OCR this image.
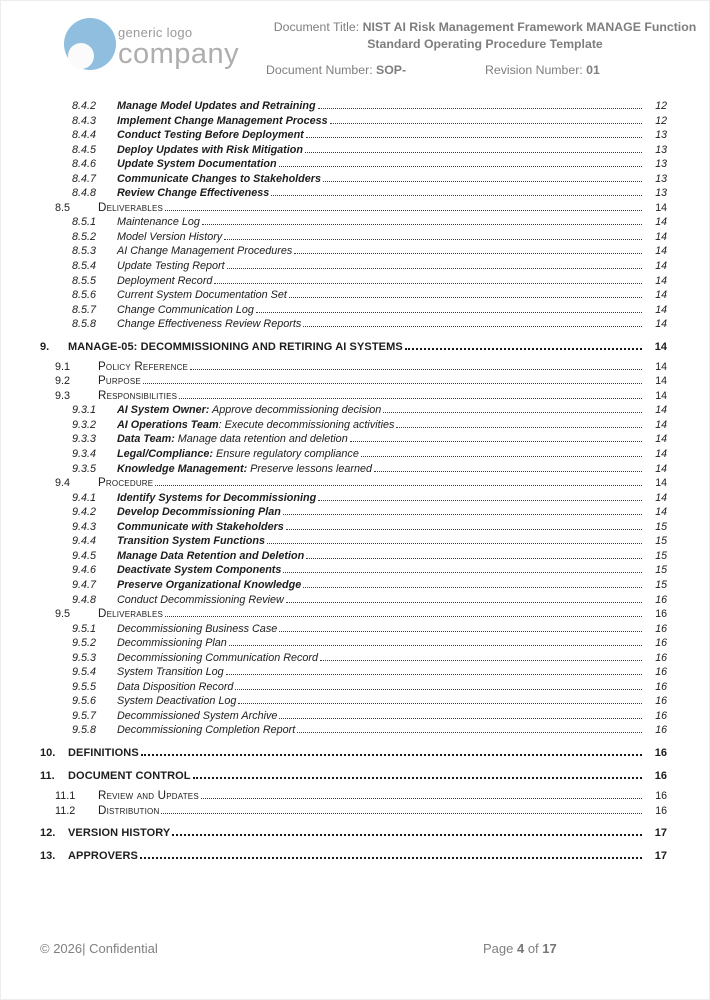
generic logo
company
Document Title: NIST AI Risk Management Framework MANAGE Function
Standard Operating Procedure Template
Document Number: SOP-	Revision Number: 01
8.4.2	Manage Model Updates and Retraining	12
8.4.3	Implement Change Management Process	12
8.4.4	Conduct Testing Before Deployment	13
8.4.5	Deploy Updates with Risk Mitigation	13
8.4.6	Update System Documentation	13
8.4.7	Communicate Changes to Stakeholders	13
8.4.8	Review Change Effectiveness	13
8.5	Deliverables	14
8.5.1	Maintenance Log	14
8.5.2	Model Version History	14
8.5.3	AI Change Management Procedures	14
8.5.4	Update Testing Report	14
8.5.5	Deployment Record	14
8.5.6	Current System Documentation Set	14
8.5.7	Change Communication Log	14
8.5.8	Change Effectiveness Review Reports	14
9.	MANAGE-05: DECOMMISSIONING AND RETIRING AI SYSTEMS	14
9.1	Policy Reference	14
9.2	Purpose	14
9.3	Responsibilities	14
9.3.1	AI System Owner: Approve decommissioning decision	14
9.3.2	AI Operations Team: Execute decommissioning activities	14
9.3.3	Data Team: Manage data retention and deletion	14
9.3.4	Legal/Compliance: Ensure regulatory compliance	14
9.3.5	Knowledge Management: Preserve lessons learned	14
9.4	Procedure	14
9.4.1	Identify Systems for Decommissioning	14
9.4.2	Develop Decommissioning Plan	14
9.4.3	Communicate with Stakeholders	15
9.4.4	Transition System Functions	15
9.4.5	Manage Data Retention and Deletion	15
9.4.6	Deactivate System Components	15
9.4.7	Preserve Organizational Knowledge	15
9.4.8	Conduct Decommissioning Review	16
9.5	Deliverables	16
9.5.1	Decommissioning Business Case	16
9.5.2	Decommissioning Plan	16
9.5.3	Decommissioning Communication Record	16
9.5.4	System Transition Log	16
9.5.5	Data Disposition Record	16
9.5.6	System Deactivation Log	16
9.5.7	Decommissioned System Archive	16
9.5.8	Decommissioning Completion Report	16
10.	DEFINITIONS	16
11.	DOCUMENT CONTROL	16
11.1	Review and Updates	16
11.2	Distribution	16
12.	VERSION HISTORY	17
13.	APPROVERS	17
© 2026| Confidential	Page 4 of 17
